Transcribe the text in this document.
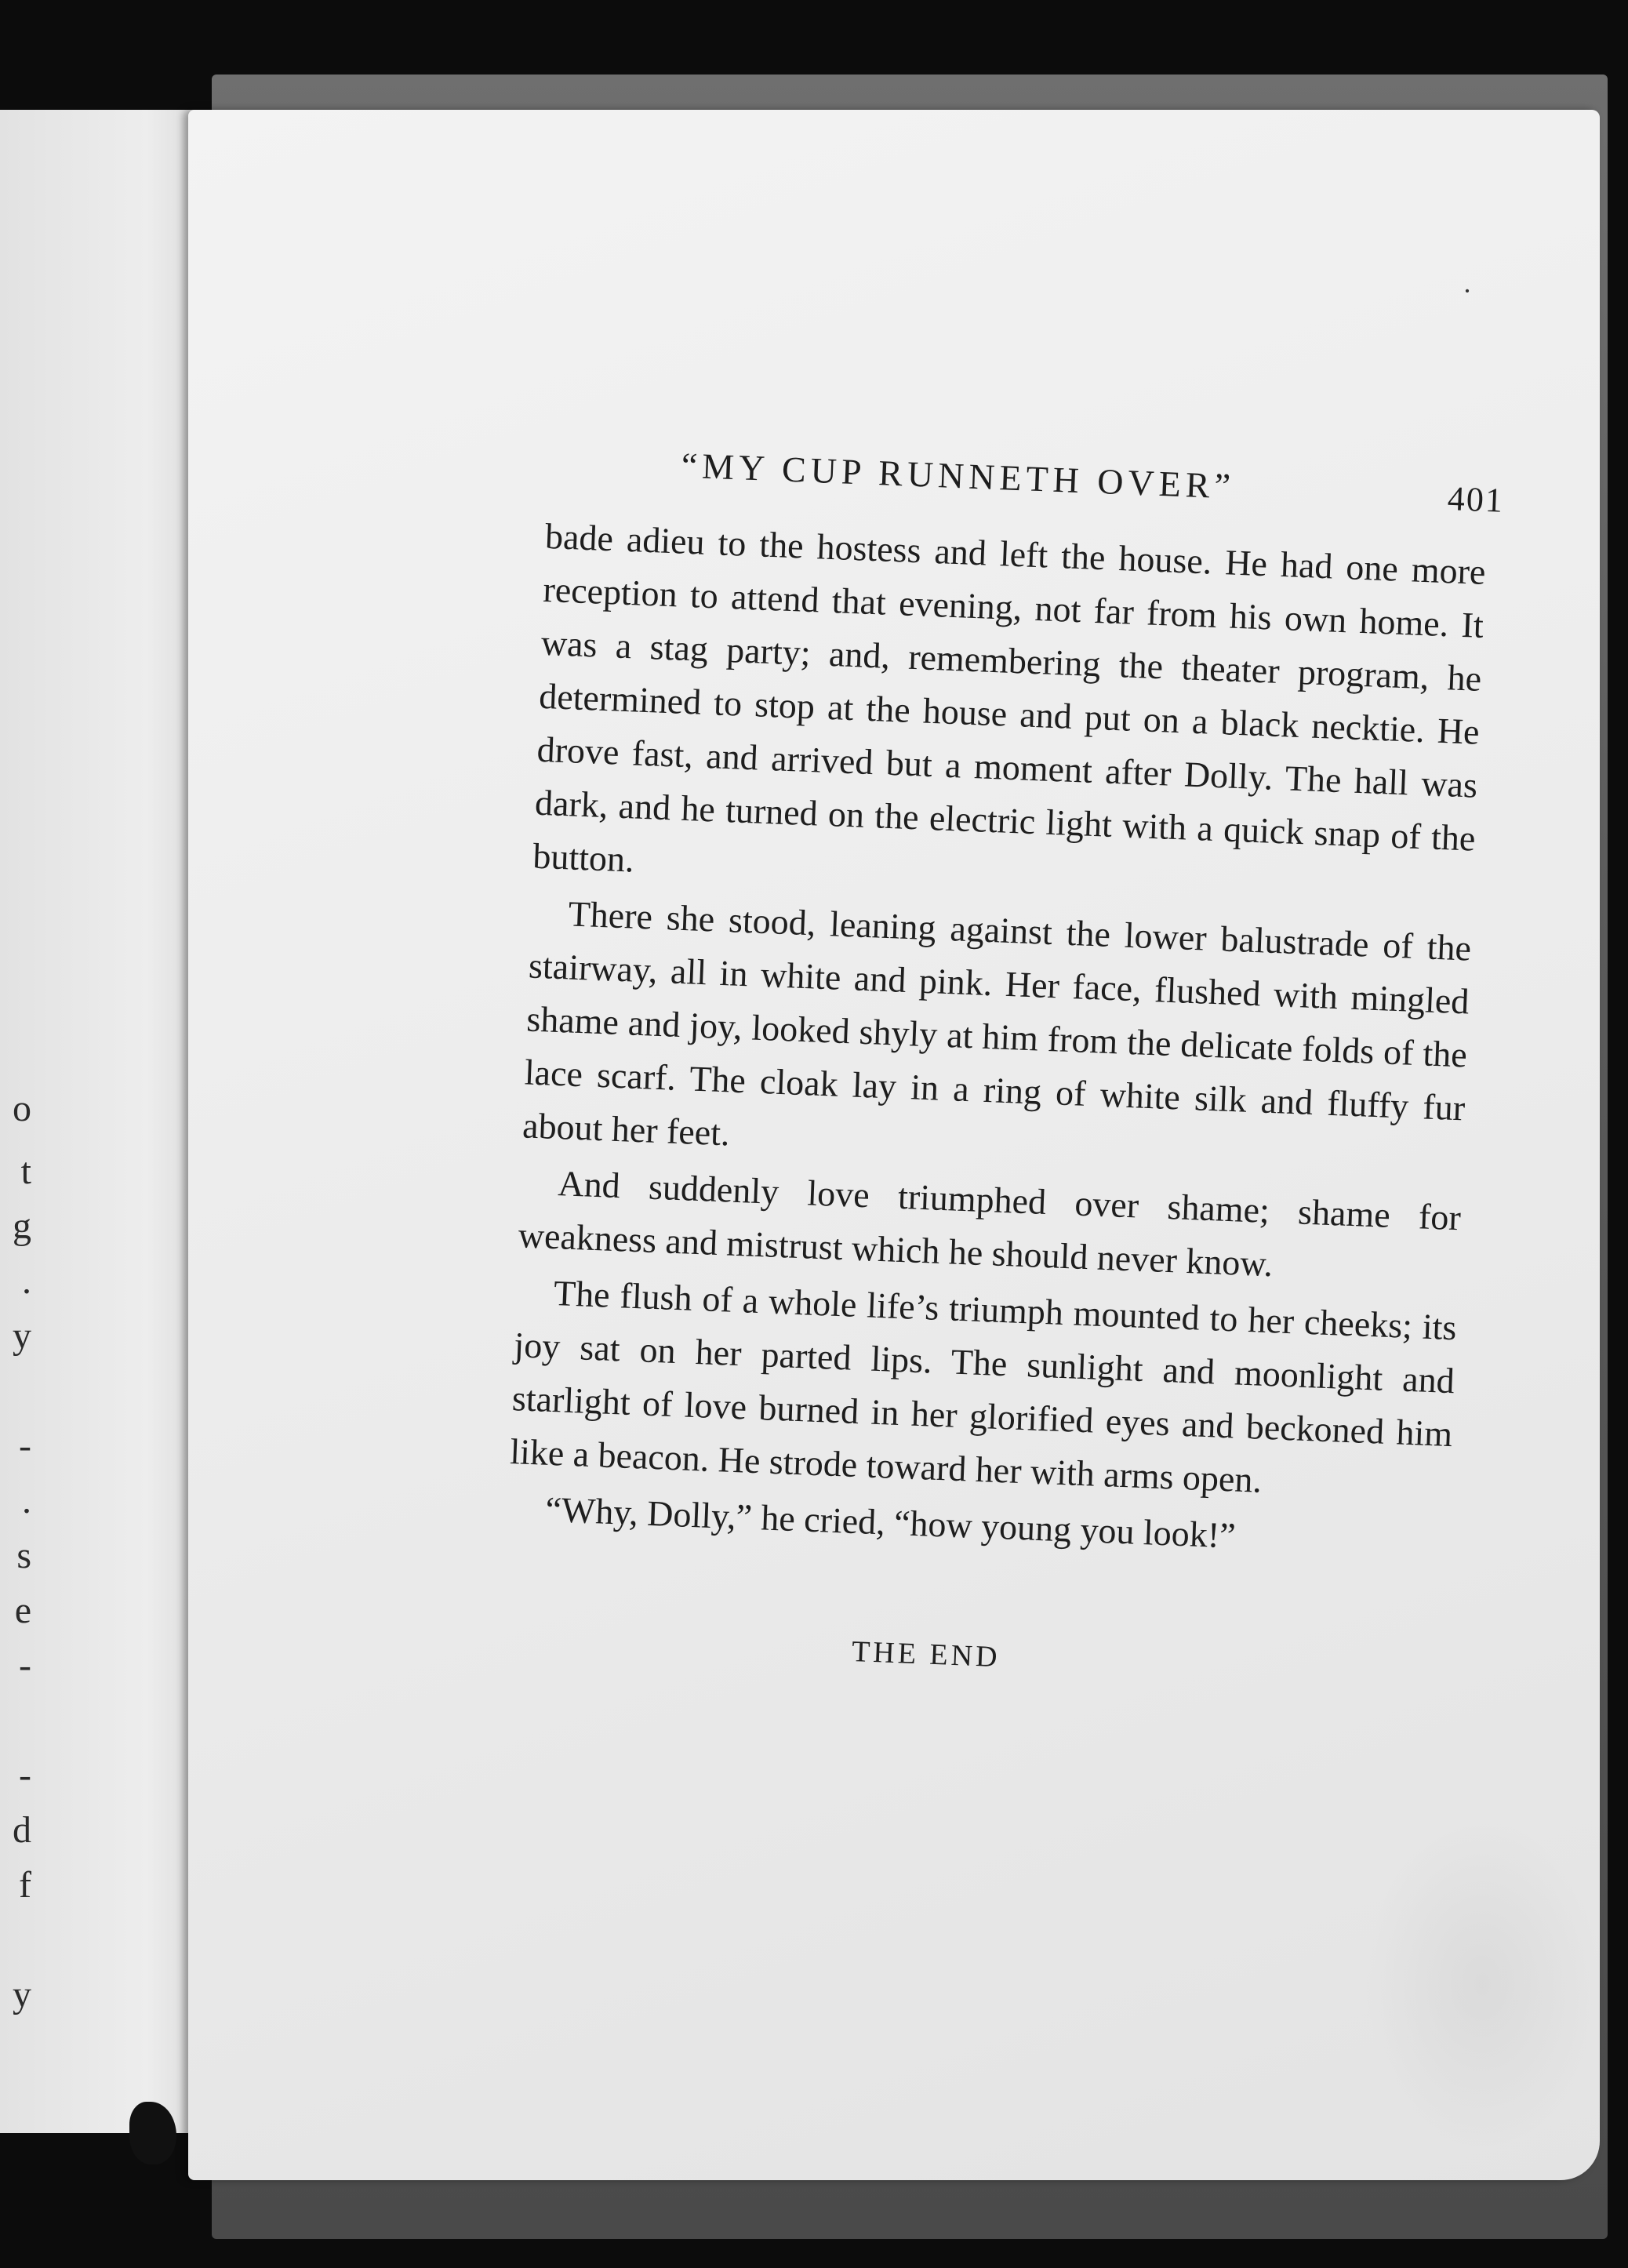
o
t
g
.
y
-
.
s
e
-
-
d
f
y
·
“MY CUP RUNNETH OVER”	401

bade adieu to the hostess and left the house. He had one more reception to attend that evening, not far from his own home. It was a stag party; and, remembering the theater program, he determined to stop at the house and put on a black necktie. He drove fast, and arrived but a moment after Dolly. The hall was dark, and he turned on the electric light with a quick snap of the button.

There she stood, leaning against the lower balustrade of the stairway, all in white and pink. Her face, flushed with mingled shame and joy, looked shyly at him from the delicate folds of the lace scarf. The cloak lay in a ring of white silk and fluffy fur about her feet.

And suddenly love triumphed over shame; shame for weakness and mistrust which he should never know.

The flush of a whole life’s triumph mounted to her cheeks; its joy sat on her parted lips. The sunlight and moonlight and starlight of love burned in her glorified eyes and beckoned him like a beacon. He strode toward her with arms open.

“Why, Dolly,” he cried, “how young you look!”

THE END
